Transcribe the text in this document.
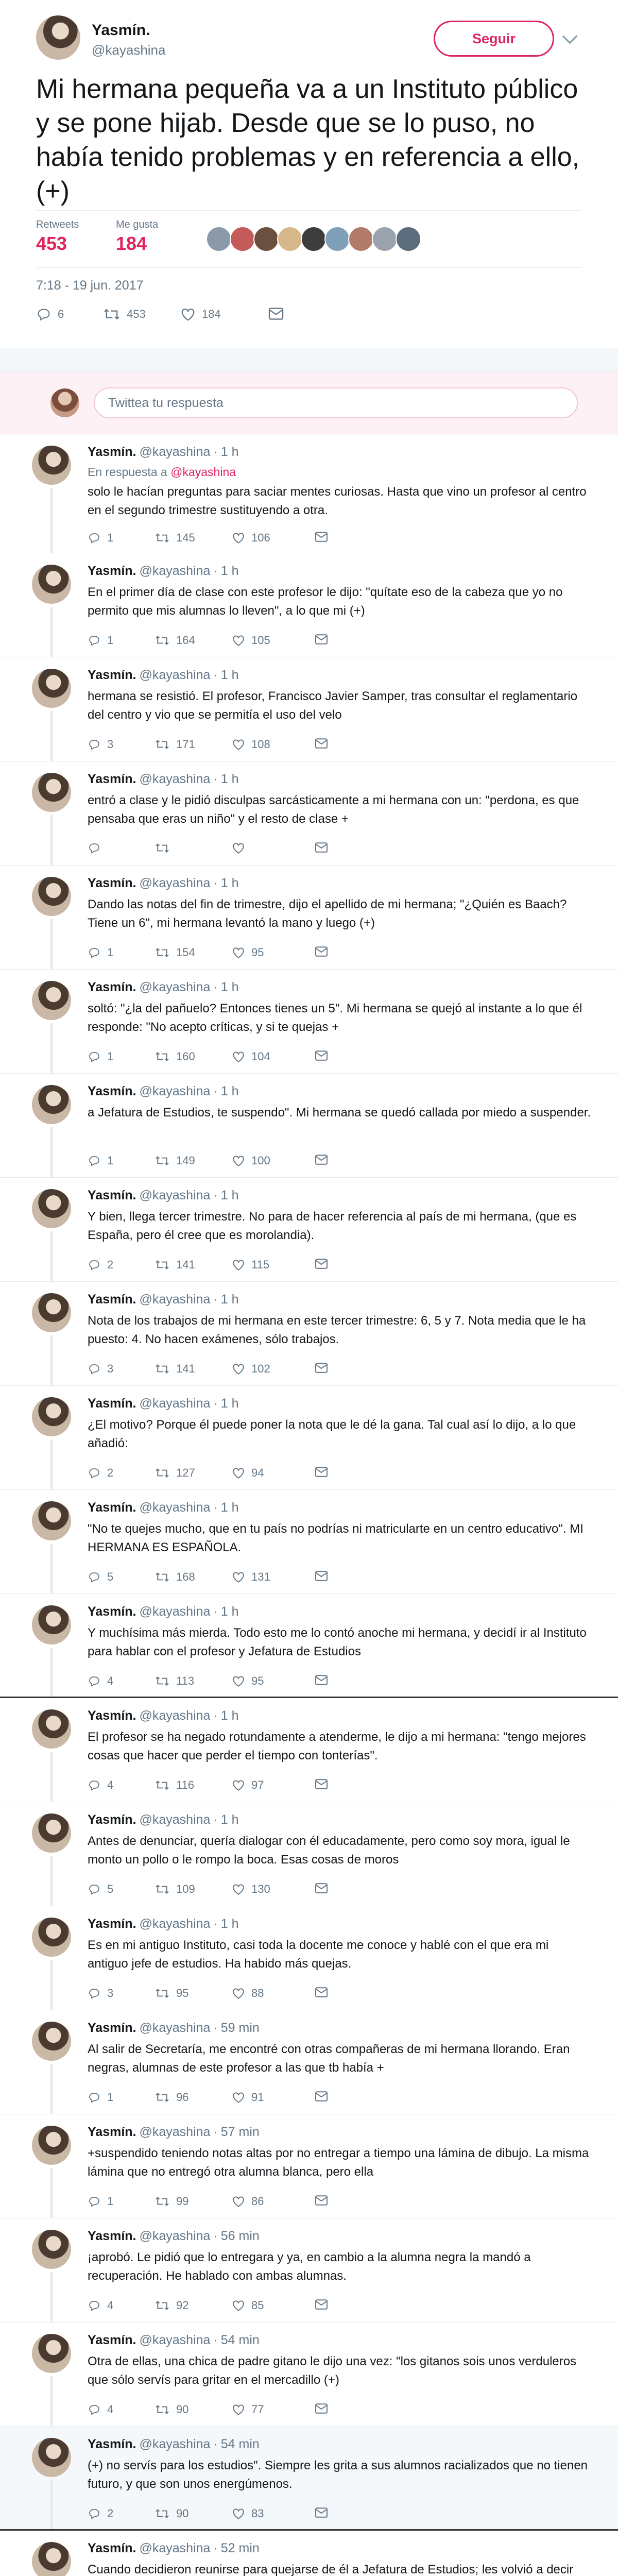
Yasmín.
@kayashina
Seguir
Mi hermana pequeña va a un Instituto público y se pone hijab. Desde que se lo puso, no había tenido problemas y en referencia a ello, (+)
Retweets
453
Me gusta
184
7:18 - 19 jun. 2017
6	453	184
Twittea tu respuesta
Yasmín. @kayashina · 1 h
En respuesta a @kayashina
solo le hacían preguntas para saciar mentes curiosas. Hasta que vino un profesor al centro en el segundo trimestre sustituyendo a otra.
1	145	106
Yasmín. @kayashina · 1 h
En el primer día de clase con este profesor le dijo: "quítate eso de la cabeza que yo no permito que mis alumnas lo lleven", a lo que mi (+)
1	164	105
Yasmín. @kayashina · 1 h
hermana se resistió. El profesor, Francisco Javier Samper, tras consultar el reglamentario del centro y vio que se permitía el uso del velo
3	171	108
Yasmín. @kayashina · 1 h
entró a clase y le pidió disculpas sarcásticamente a mi hermana con un: "perdona, es que pensaba que eras un niño" y el resto de clase +
Yasmín. @kayashina · 1 h
Dando las notas del fin de trimestre, dijo el apellido de mi hermana; "¿Quién es Baach? Tiene un 6", mi hermana levantó la mano y luego (+)
1	154	95
Yasmín. @kayashina · 1 h
soltó: "¿la del pañuelo? Entonces tienes un 5". Mi hermana se quejó al instante a lo que él responde: "No acepto críticas, y si te quejas +
1	160	104
Yasmín. @kayashina · 1 h
a Jefatura de Estudios, te suspendo". Mi hermana se quedó callada por miedo a suspender.
1	149	100
Yasmín. @kayashina · 1 h
Y bien, llega tercer trimestre. No para de hacer referencia al país de mi hermana, (que es España, pero él cree que es morolandia).
2	141	115
Yasmín. @kayashina · 1 h
Nota de los trabajos de mi hermana en este tercer trimestre: 6, 5 y 7. Nota media que le ha puesto: 4. No hacen exámenes, sólo trabajos.
3	141	102
Yasmín. @kayashina · 1 h
¿El motivo? Porque él puede poner la nota que le dé la gana. Tal cual así lo dijo, a lo que añadió:
2	127	94
Yasmín. @kayashina · 1 h
"No te quejes mucho, que en tu país no podrías ni matricularte en un centro educativo". MI HERMANA ES ESPAÑOLA.
5	168	131
Yasmín. @kayashina · 1 h
Y muchísima más mierda. Todo esto me lo contó anoche mi hermana, y decidí ir al Instituto para hablar con el profesor y Jefatura de Estudios
4	113	95
Yasmín. @kayashina · 1 h
El profesor se ha negado rotundamente a atenderme, le dijo a mi hermana: "tengo mejores cosas que hacer que perder el tiempo con tonterías".
4	116	97
Yasmín. @kayashina · 1 h
Antes de denunciar, quería dialogar con él educadamente, pero como soy mora, igual le monto un pollo o le rompo la boca. Esas cosas de moros
5	109	130
Yasmín. @kayashina · 1 h
Es en mi antiguo Instituto, casi toda la docente me conoce y hablé con el que era mi antiguo jefe de estudios. Ha habido más quejas.
3	95	88
Yasmín. @kayashina · 59 min
Al salir de Secretaría, me encontré con otras compañeras de mi hermana llorando. Eran negras, alumnas de este profesor a las que tb había +
1	96	91
Yasmín. @kayashina · 57 min
+suspendido teniendo notas altas por no entregar a tiempo una lámina de dibujo. La misma lámina que no entregó otra alumna blanca, pero ella
1	99	86
Yasmín. @kayashina · 56 min
¡aprobó. Le pidió que lo entregara y ya, en cambio a la alumna negra la mandó a recuperación. He hablado con ambas alumnas.
4	92	85
Yasmín. @kayashina · 54 min
Otra de ellas, una chica de padre gitano le dijo una vez: "los gitanos sois unos verduleros que sólo servís para gritar en el mercadillo (+)
4	90	77
Yasmín. @kayashina · 54 min
(+) no servís para los estudios". Siempre les grita a sus alumnos racializados que no tienen futuro, y que son unos energúmenos.
2	90	83
Yasmín. @kayashina · 52 min
Cuando decidieron reunirse para quejarse de él a Jefatura de Estudios; les volvió a decir
